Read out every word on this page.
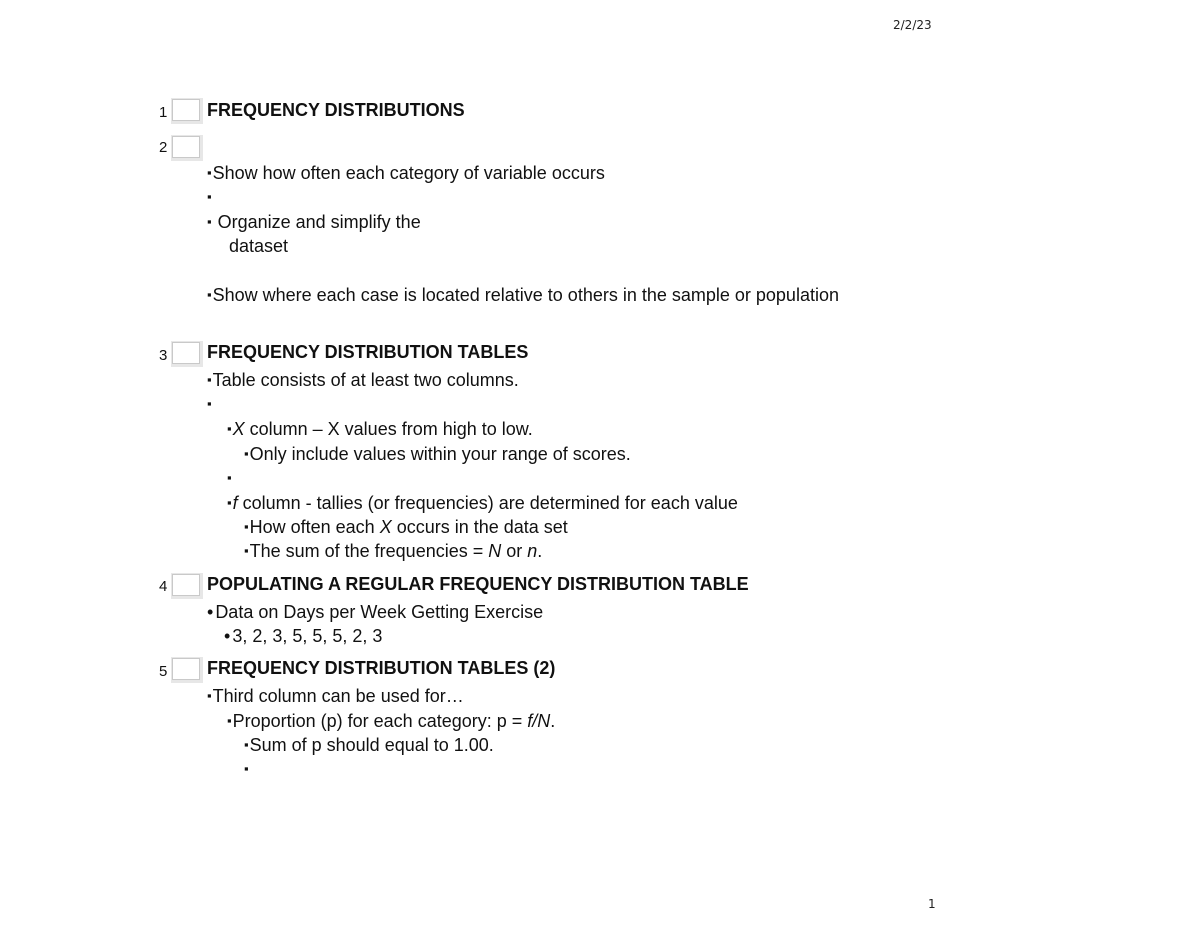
2/2/23
1 FREQUENCY DISTRIBUTIONS
2
▪ Show how often each category of variable occurs
▪
▪ Organize and simplify the
dataset
▪ Show where each case is located relative to others in the sample or population
3 FREQUENCY DISTRIBUTION TABLES
▪ Table consists of at least two columns.
▪
▪ X column – X values from high to low.
▪ Only include values within your range of scores.
▪
▪ f column - tallies (or frequencies) are determined for each value
▪ How often each X occurs in the data set
▪ The sum of the frequencies = N or n.
4 POPULATING A REGULAR FREQUENCY DISTRIBUTION TABLE
• Data on Days per Week Getting Exercise
• 3, 2, 3, 5, 5, 5, 2, 3
5 FREQUENCY DISTRIBUTION TABLES (2)
▪ Third column can be used for…
▪ Proportion (p) for each category: p = f/N.
▪ Sum of p should equal to 1.00.
▪
1
